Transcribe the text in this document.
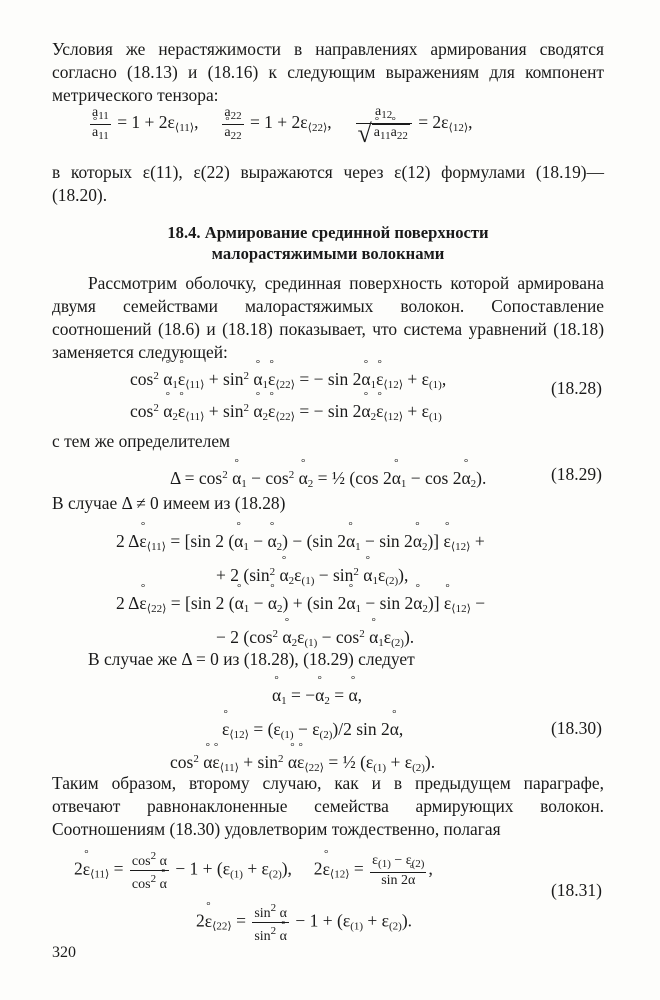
Условия же нерастяжимости в направлениях армирования сводятся согласно (18.13) и (18.16) к следующим выражениям для компонент метрического тензора:

$a_{11}$
° $a_{11} = 1 + 2\varepsilon_{⟨11⟩}$, $a_{22}$
° $a_{22} = 1 + 2\varepsilon_{⟨22⟩}$, $\frac{a_{12}}{√ ^\circ a_{11}^\circ a_{22}} = 2\varepsilon_{⟨12⟩}$,

в которых ε(11), ε(22) выражаются через ε(12) формулами (18.19)—(18.20).

18.4. Армирование срединной поверхности

малорастяжимыми волокнами

Рассмотрим оболочку, срединная поверхность которой армирована двумя семействами малорастяжимых волокон. Сопоставление соотношений (18.6) и (18.18) показывает, что система уравнений (18.18) заменяется следующей:

$\cos^2$ ° $\alpha_1^\circ$ $\varepsilon_{⟨11⟩} + \sin^2$ ° $\alpha_1^\circ$ $\varepsilon_{⟨22⟩}$ = − sin 2° $\alpha_1^\circ$ $\varepsilon_{⟨12⟩} + \varepsilon_{(1)}$,
$\cos^2$ ° $\alpha_2^\circ$ $\varepsilon_{⟨11⟩} + \sin^2$ ° $\alpha_2^\circ$ $\varepsilon_{⟨22⟩}$ = − sin 2° $\alpha_2^\circ$ $\varepsilon_{⟨12⟩} + \varepsilon_{(1)}$
(18.28)

с тем же определителем

$\Delta = \cos^2$ ° $\alpha_1 - \cos^2$ ° $\alpha_2$ = ½ (cos 2° $\alpha_1 - \cos 2^\circ$ $\alpha_2$).	(18.29)

В случае Δ ≠ 0 имеем из (18.28)

2 Δ° $\varepsilon_{⟨11⟩} = [\sin$ 2 (° $\alpha_1$ − ° $\alpha_2) - (\sin$ 2° $\alpha_1 - \sin 2^\circ$ $\alpha_2$)] ° $\varepsilon_{⟨12⟩}$ +
+ 2 ($\sin^2$ ° $\alpha_2\varepsilon_{(1)} - \sin^2$ ° $\alpha_1\varepsilon_{(2)}$),
2 Δ° $\varepsilon_{⟨22⟩} = [\sin$ 2 (° $\alpha_1$ − ° $\alpha_2) + (\sin$ 2° $\alpha_1 - \sin 2^\circ$ $\alpha_2$)] ° $\varepsilon_{⟨12⟩}$ −
− 2 ($\cos^2$ ° $\alpha_2\varepsilon_{(1)} - \cos^2$ ° $\alpha_1\varepsilon_{(2)}$).

В случае же Δ = 0 из (18.28), (18.29) следует

° $\alpha_1$ = −° $\alpha_2$ = ° α,
° $\varepsilon_{⟨12⟩} = (\varepsilon_{(1)} - \varepsilon_{(2)})/2$ sin 2° α,
$\cos^2$ ° α° $\varepsilon_{⟨11⟩} + \sin^2$ ° α° $\varepsilon_{⟨22⟩}$ = ½ $(\varepsilon_{(1)} + \varepsilon_{(2)})$.
(18.30)

Таким образом, второму случаю, как и в предыдущем параграфе, отвечают равнонаклоненные семейства армирующих волокон. Соотношениям (18.30) удовлетворим тождественно, полагая

2° $\varepsilon_{⟨11⟩} = \frac{\cos^2 \alpha}{\cos^2 ^\circ \alpha} - 1 + (\varepsilon_{(1)} + \varepsilon_{(2)})$,     2° $\varepsilon_{⟨12⟩} = \frac{\varepsilon_{(1)} - \varepsilon_{(2)}}{\sin 2^\circ \alpha}$ ,
2° $\varepsilon_{⟨22⟩} = \frac{\sin^2 \alpha}{\sin^2 ^\circ \alpha} - 1 + (\varepsilon_{(1)} + \varepsilon_{(2)})$.
(18.31)
320
